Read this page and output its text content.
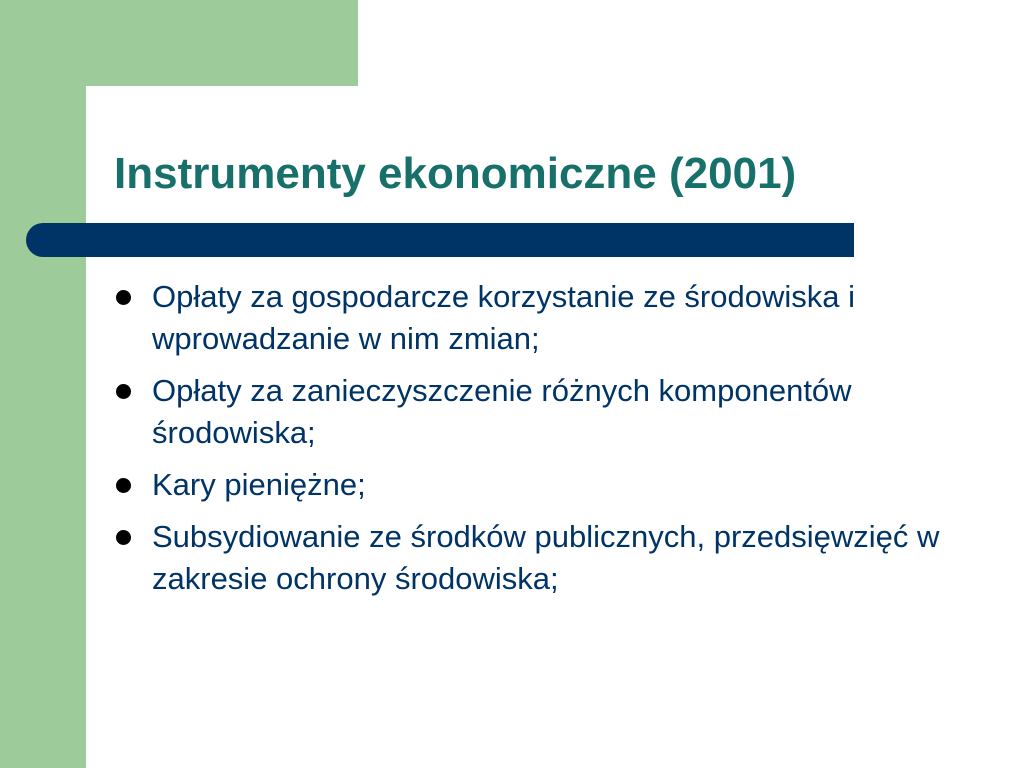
Instrumenty ekonomiczne (2001)
Opłaty za gospodarcze korzystanie ze środowiska i wprowadzanie w nim zmian;
Opłaty za zanieczyszczenie różnych komponentów środowiska;
Kary pieniężne;
Subsydiowanie ze środków publicznych, przedsięwzięć w zakresie ochrony środowiska;
